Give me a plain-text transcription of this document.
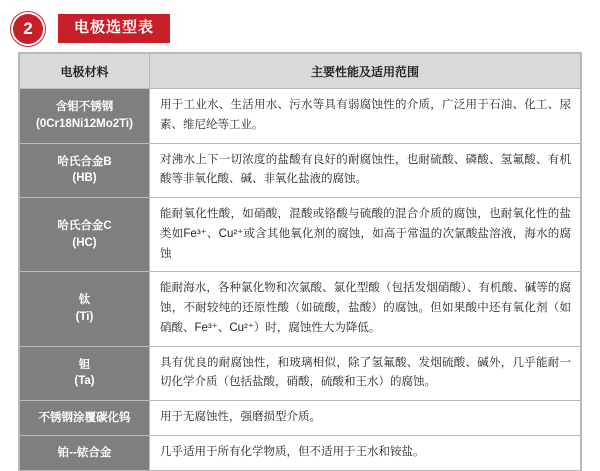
2	电极选型表
电极材料	主要性能及适用范围

含钼不锈钢
(0Cr18Ni12Mo2Ti)	用于工业水、生活用水、污水等具有弱腐蚀性的介质，广泛用于石油、化工、尿素、维尼纶等工业。

哈氏合金B
(HB)	对沸水上下一切浓度的盐酸有良好的耐腐蚀性，也耐硫酸、磷酸、氢氟酸、有机酸等非氧化酸、碱、非氧化盐液的腐蚀。

哈氏合金C
(HC)	能耐氧化性酸，如硝酸，混酸或铬酸与硫酸的混合介质的腐蚀，也耐氧化性的盐类如Fe³⁺、Cu²⁺或含其他氧化剂的腐蚀，如高于常温的次氯酸盐溶液，海水的腐蚀

钛
(Ti)	能耐海水，各种氯化物和次氯酸、氯化型酸（包括发烟硝酸）、有机酸、碱等的腐蚀，不耐较纯的还原性酸（如硫酸，盐酸）的腐蚀。但如果酸中还有氧化剂（如硝酸、Fe³⁺、Cu²⁺）时，腐蚀性大为降低。

钽
(Ta)	具有优良的耐腐蚀性，和玻璃相似，除了氢氟酸、发烟硫酸、碱外，几乎能耐一切化学介质（包括盐酸，硝酸，硫酸和王水）的腐蚀。

不锈钢涂覆碳化钨	用于无腐蚀性，强磨损型介质。

铂--铱合金	几乎适用于所有化学物质，但不适用于王水和铵盐。
